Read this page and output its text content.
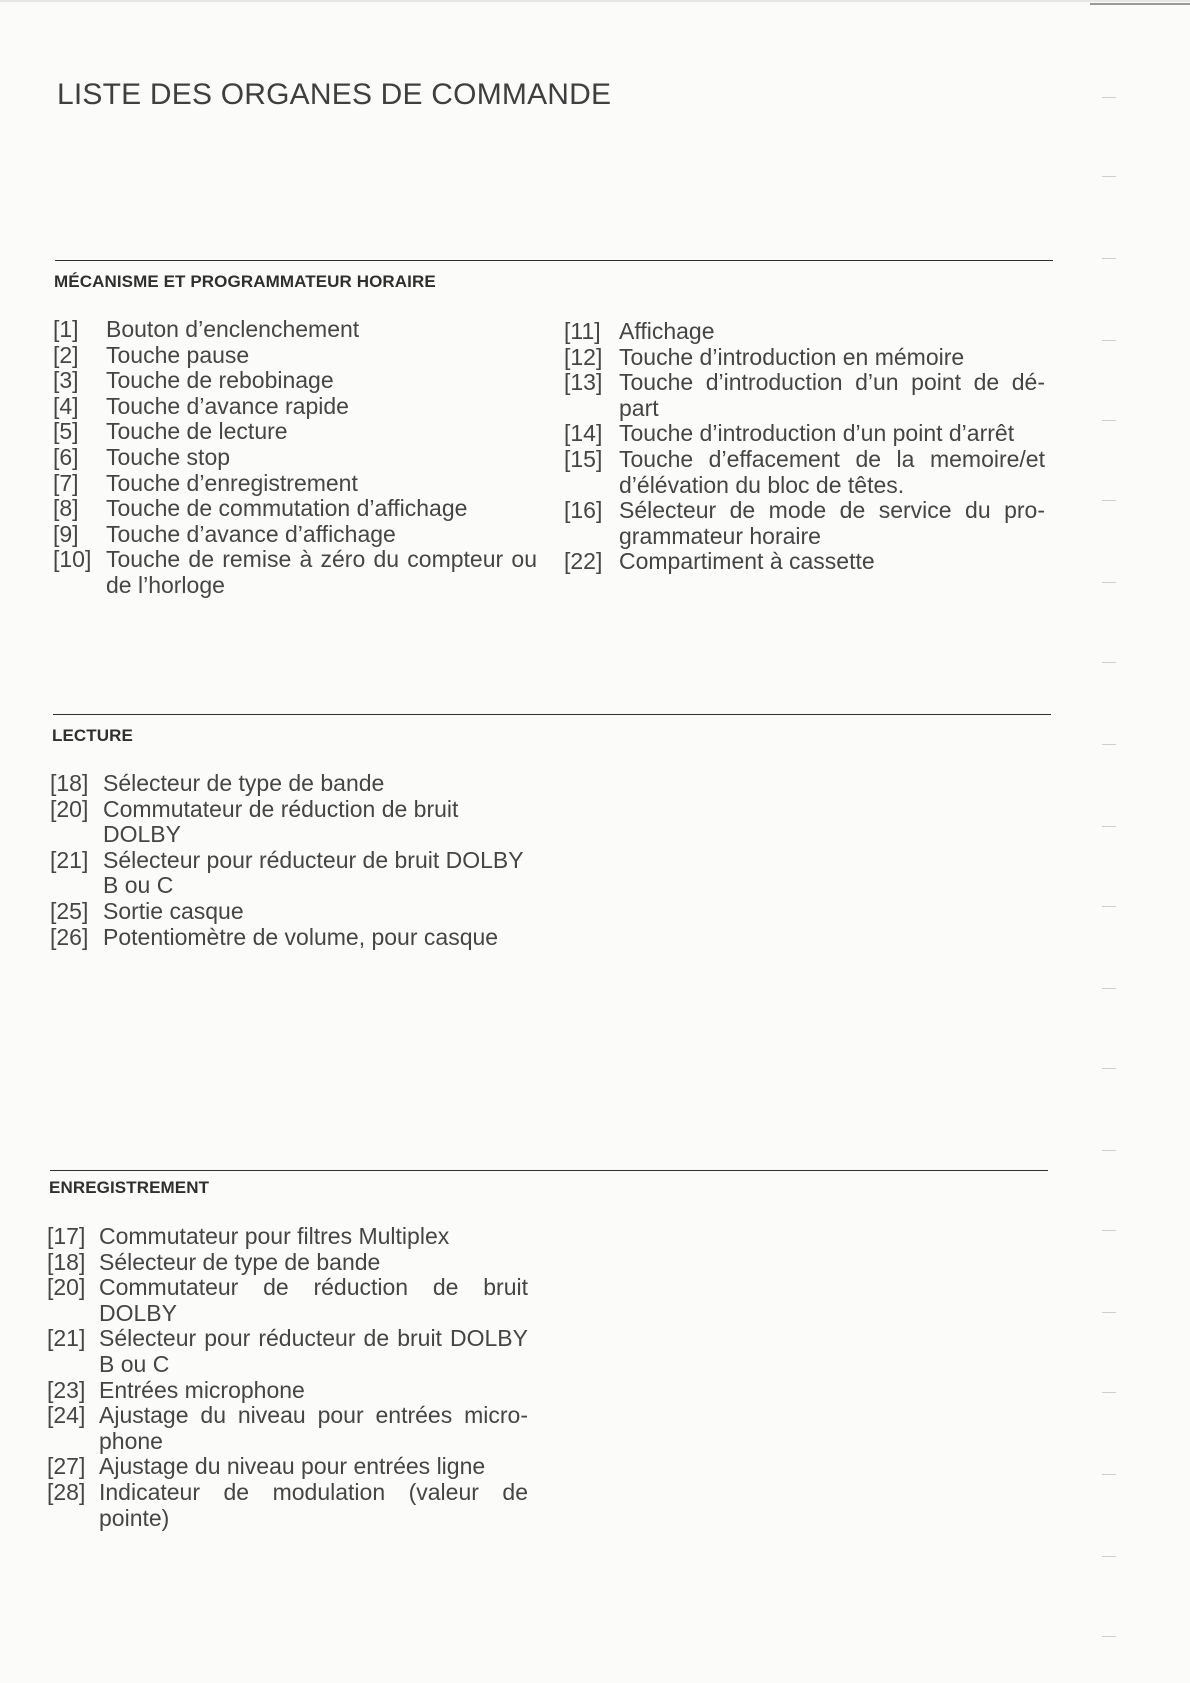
LISTE DES ORGANES DE COMMANDE
MÉCANISME ET PROGRAMMATEUR HORAIRE
[1]	Bouton d’enclenchement
[2]	Touche pause
[3]	Touche de rebobinage
[4]	Touche d’avance rapide
[5]	Touche de lecture
[6]	Touche stop
[7]	Touche d’enregistrement
[8]	Touche de commutation d’affichage
[9]	Touche d’avance d’affichage
[10] Touche de remise à zéro du compteur ou de l’horloge
[11] Affichage
[12] Touche d’introduction en mémoire
[13] Touche d’introduction d’un point de dé-part
[14] Touche d’introduction d’un point d’arrêt
[15] Touche d’effacement de la memoire/et d’élévation du bloc de têtes.
[16] Sélecteur de mode de service du pro-grammateur horaire
[22] Compartiment à cassette
LECTURE
[18] Sélecteur de type de bande
[20] Commutateur de réduction de bruit DOLBY
[21] Sélecteur pour réducteur de bruit DOLBY B ou C
[25] Sortie casque
[26] Potentiomètre de volume, pour casque
ENREGISTREMENT
[17] Commutateur pour filtres Multiplex
[18] Sélecteur de type de bande
[20] Commutateur de réduction de bruit DOLBY
[21] Sélecteur pour réducteur de bruit DOLBY B ou C
[23] Entrées microphone
[24] Ajustage du niveau pour entrées micro-phone
[27] Ajustage du niveau pour entrées ligne
[28] Indicateur de modulation (valeur de pointe)
